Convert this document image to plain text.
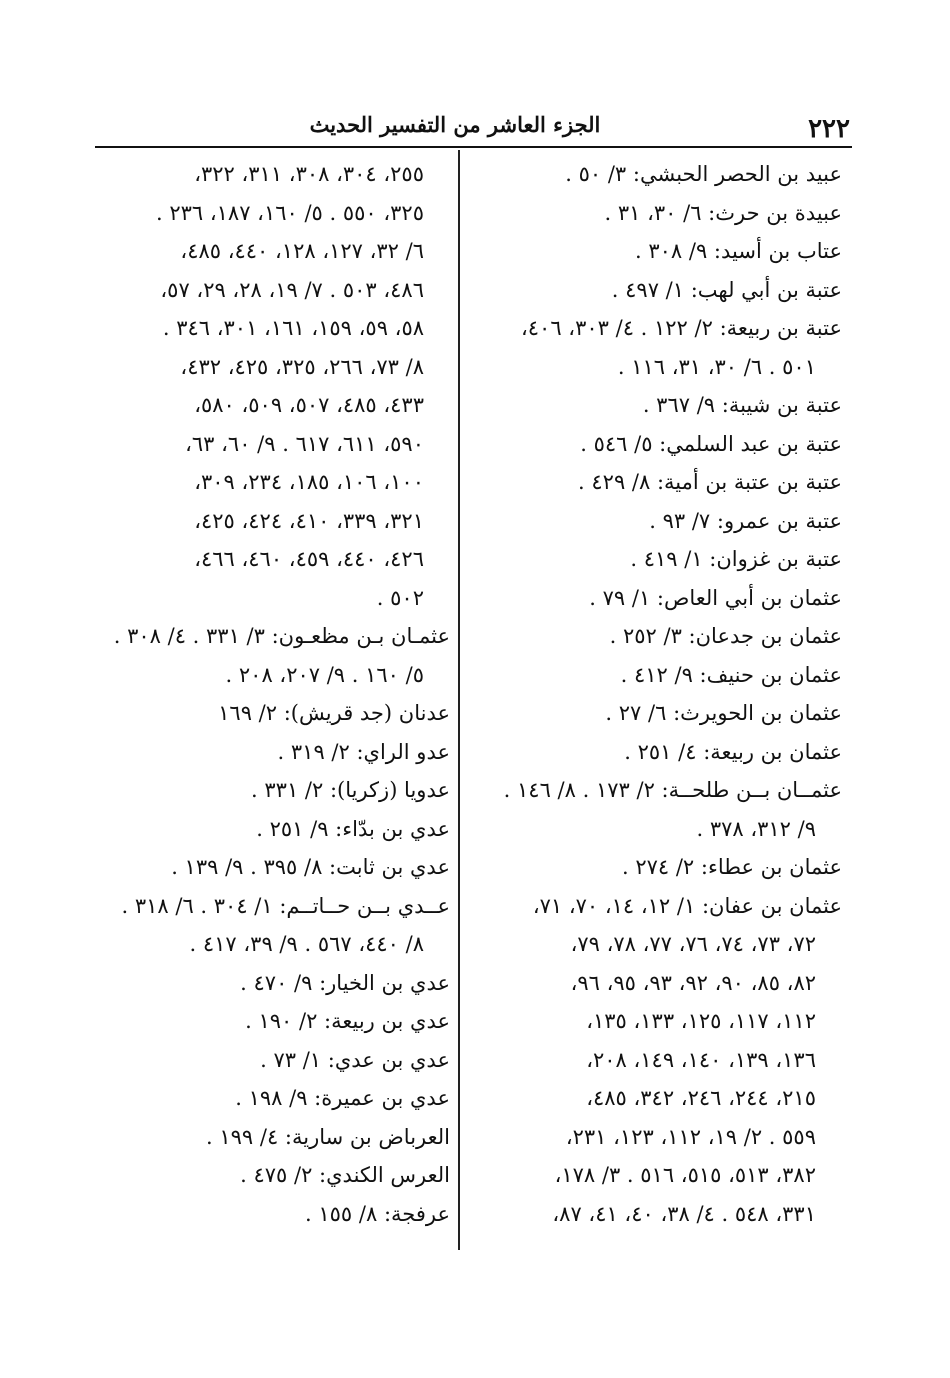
٢٢٢
الجزء العاشر من التفسير الحديث
عبيد بن الحصر الحبشي: ٣/ ٥٠ .
عبيدة بن حرث: ٦/ ٣٠، ٣١ .
عتاب بن أسيد: ٩/ ٣٠٨ .
عتبة بن أبي لهب: ١/ ٤٩٧ .
عتبة بن ربيعة: ٢/ ١٢٢ . ٤/ ٣٠٣، ٤٠٦،
٥٠١ . ٦/ ٣٠، ٣١، ١١٦ .
عتبة بن شيبة: ٩/ ٣٦٧ .
عتبة بن عبد السلمي: ٥/ ٥٤٦ .
عتبة بن عتبة بن أمية: ٨/ ٤٢٩ .
عتبة بن عمرو: ٧/ ٩٣ .
عتبة بن غزوان: ١/ ٤١٩ .
عثمان بن أبي العاص: ١/ ٧٩ .
عثمان بن جدعان: ٣/ ٢٥٢ .
عثمان بن حنيف: ٩/ ٤١٢ .
عثمان بن الحويرث: ٦/ ٢٧ .
عثمان بن ربيعة: ٤/ ٢٥١ .
عثمــان بــن طلحــة: ٢/ ١٧٣ . ٨/ ١٤٦ .
٩/ ٣١٢، ٣٧٨ .
عثمان بن عطاء: ٢/ ٢٧٤ .
عثمان بن عفان: ١/ ١٢، ١٤، ٧٠، ٧١،
٧٢، ٧٣، ٧٤، ٧٦، ٧٧، ٧٨، ٧٩،
٨٢، ٨٥، ٩٠، ٩٢، ٩٣، ٩٥، ٩٦،
١١٢، ١١٧، ١٢٥، ١٣٣، ١٣٥،
١٣٦، ١٣٩، ١٤٠، ١٤٩، ٢٠٨،
٢١٥، ٢٤٤، ٢٤٦، ٣٤٢، ٤٨٥،
٥٥٩ . ٢/ ١٩، ١١٢، ١٢٣، ٢٣١،
٣٨٢، ٥١٣، ٥١٥، ٥١٦ . ٣/ ١٧٨،
٣٣١، ٥٤٨ . ٤/ ٣٨، ٤٠، ٤١، ٨٧،
٢٥٥، ٣٠٤، ٣٠٨، ٣١١، ٣٢٢،
٣٢٥، ٥٥٠ . ٥/ ١٦٠، ١٨٧، ٢٣٦ .
٦/ ٣٢، ١٢٧، ١٢٨، ٤٤٠، ٤٨٥،
٤٨٦، ٥٠٣ . ٧/ ١٩، ٢٨، ٢٩، ٥٧،
٥٨، ٥٩، ١٥٩، ١٦١، ٣٠١، ٣٤٦ .
٨/ ٧٣، ٢٦٦، ٣٢٥، ٤٢٥، ٤٣٢،
٤٣٣، ٤٨٥، ٥٠٧، ٥٠٩، ٥٨٠،
٥٩٠، ٦١١، ٦١٧ . ٩/ ٦٠، ٦٣،
١٠٠، ١٠٦، ١٨٥، ٢٣٤، ٣٠٩،
٣٢١، ٣٣٩، ٤١٠، ٤٢٤، ٤٢٥،
٤٢٦، ٤٤٠، ٤٥٩، ٤٦٠، ٤٦٦،
٥٠٢ .
عثمـان بـن مظعـون: ٣/ ٣٣١ . ٤/ ٣٠٨ .
٥/ ١٦٠ . ٩/ ٢٠٧، ٢٠٨ .
عدنان (جد قريش): ٢/ ١٦٩
عدو الراي: ٢/ ٣١٩ .
عدويا (زكريا): ٢/ ٣٣١ .
عدي بن بدّاء: ٩/ ٢٥١ .
عدي بن ثابت: ٨/ ٣٩٥ . ٩/ ١٣٩ .
عــدي بــن حــاتــم: ١/ ٣٠٤ . ٦/ ٣١٨ .
٨/ ٤٤٠، ٥٦٧ . ٩/ ٣٩، ٤١٧ .
عدي بن الخيار: ٩/ ٤٧٠ .
عدي بن ربيعة: ٢/ ١٩٠ .
عدي بن عدي: ١/ ٧٣ .
عدي بن عميرة: ٩/ ١٩٨ .
العرباض بن سارية: ٤/ ١٩٩ .
العرس الكندي: ٢/ ٤٧٥ .
عرفجة: ٨/ ١٥٥ .
